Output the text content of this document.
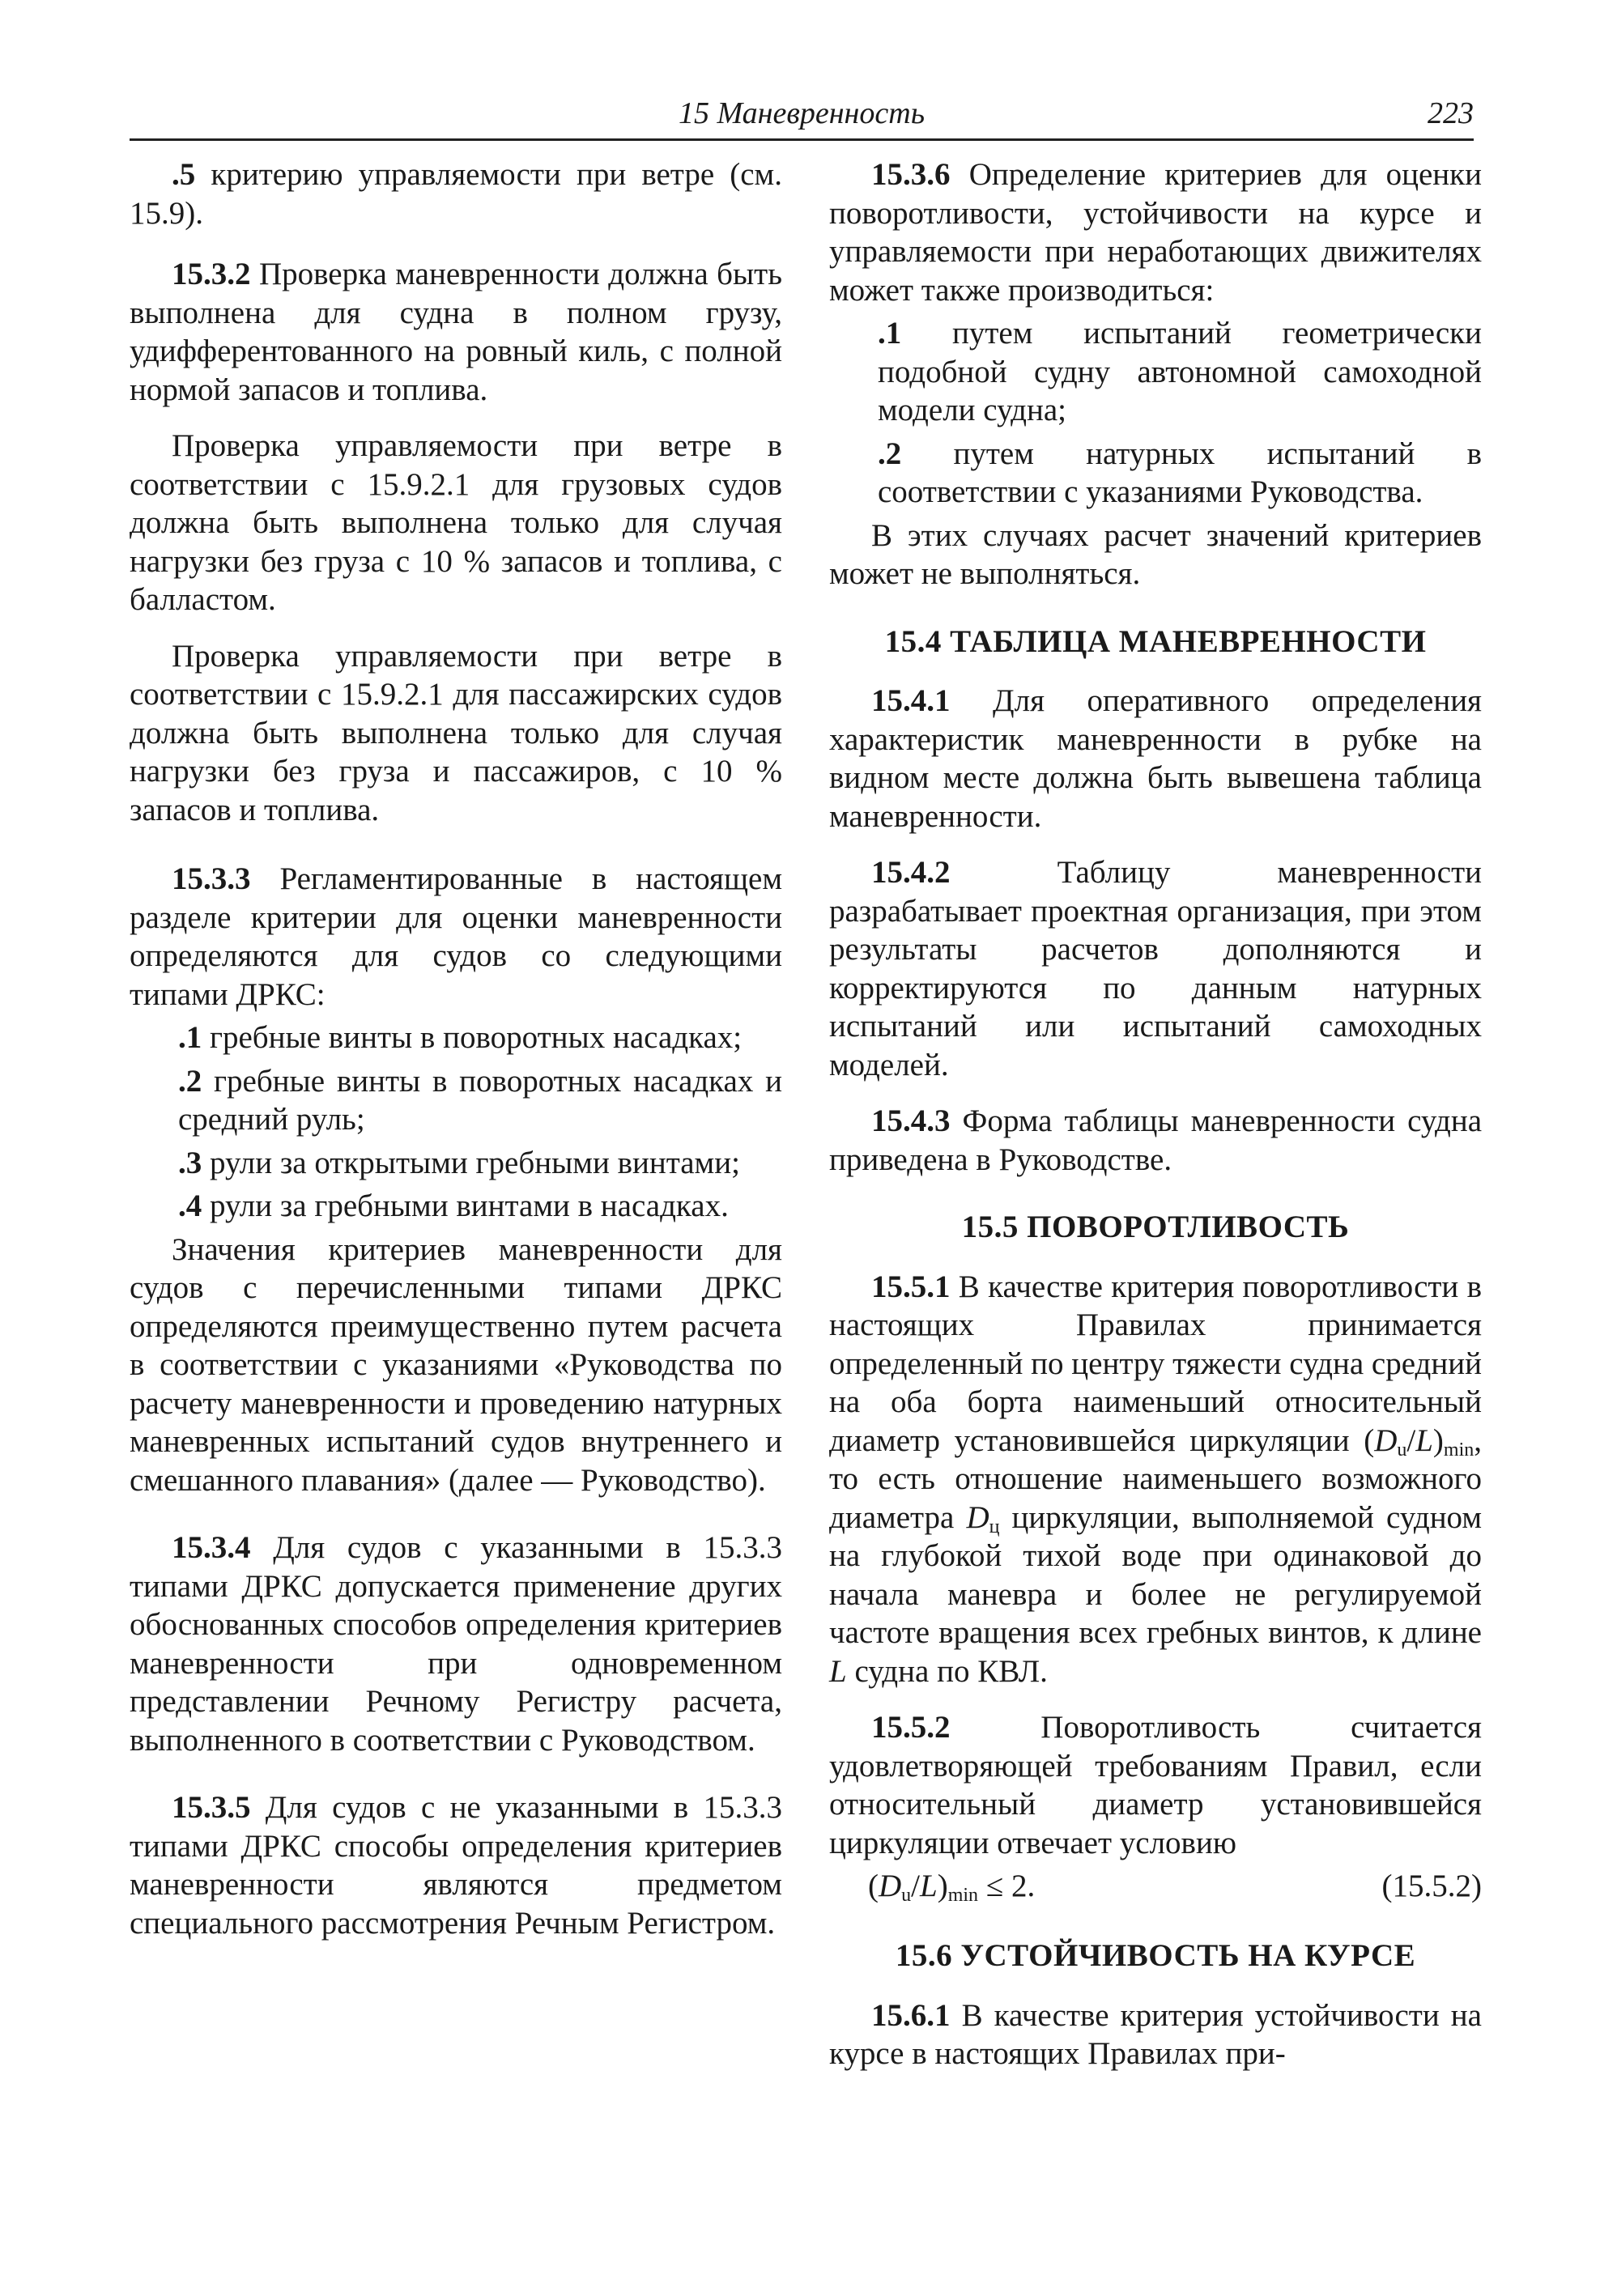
15 Маневренность	223

.5 критерию управляемости при ветре (см. 15.9).

15.3.2 Проверка маневренности должна быть выполнена для судна в полном грузу, удифферентованного на ровный киль, с полной нормой запасов и топлива.

Проверка управляемости при ветре в соответствии с 15.9.2.1 для грузовых судов должна быть выполнена только для случая нагрузки без груза с 10 % запасов и топлива, с балластом.

Проверка управляемости при ветре в соответствии с 15.9.2.1 для пассажирских судов должна быть выполнена только для случая нагрузки без груза и пассажиров, с 10 % запасов и топлива.

15.3.3 Регламентированные в настоящем разделе критерии для оценки маневренности определяются для судов со следующими типами ДРКС:

.1 гребные винты в поворотных насадках;

.2 гребные винты в поворотных насадках и средний руль;

.3 рули за открытыми гребными винтами;

.4 рули за гребными винтами в насадках.

Значения критериев маневренности для судов с перечисленными типами ДРКС определяются преимущественно путем расчета в соответствии с указаниями «Руководства по расчету маневренности и проведению натурных маневренных испытаний судов внутреннего и смешанного плавания» (далее — Руководство).

15.3.4 Для судов с указанными в 15.3.3 типами ДРКС допускается применение других обоснованных способов определения критериев маневренности при одновременном представлении Речному Регистру расчета, выполненного в соответствии с Руководством.

15.3.5 Для судов с не указанными в 15.3.3 типами ДРКС способы определения критериев маневренности являются предметом специального рассмотрения Речным Регистром.

15.3.6 Определение критериев для оценки поворотливости, устойчивости на курсе и управляемости при неработающих движителях может также производиться:

.1 путем испытаний геометрически подобной судну автономной самоходной модели судна;

.2 путем натурных испытаний в соответствии с указаниями Руководства.

В этих случаях расчет значений критериев может не выполняться.

15.4 ТАБЛИЦА МАНЕВРЕННОСТИ

15.4.1 Для оперативного определения характеристик маневренности в рубке на видном месте должна быть вывешена таблица маневренности.

15.4.2 Таблицу маневренности разрабатывает проектная организация, при этом результаты расчетов дополняются и корректируются по данным натурных испытаний или испытаний самоходных моделей.

15.4.3 Форма таблицы маневренности судна приведена в Руководстве.

15.5 ПОВОРОТЛИВОСТЬ

15.5.1 В качестве критерия поворотливости в настоящих Правилах принимается определенный по центру тяжести судна средний на оба борта наименьший относительный диаметр установившейся циркуляции $(D_u/L)_{min}$, то есть отношение наименьшего возможного диаметра $D_ц$ циркуляции, выполняемой судном на глубокой тихой воде при одинаковой до начала маневра и более не регулируемой частоте вращения всех гребных винтов, к длине L судна по КВЛ.

15.5.2 Поворотливость считается удовлетворяющей требованиям Правил, если относительный диаметр установившейся циркуляции отвечает условию

$(D_u/L)_{min} \le 2$.	(15.5.2)
15.6 УСТОЙЧИВОСТЬ НА КУРСЕ

15.6.1 В качестве критерия устойчивости на курсе в настоящих Правилах при-
